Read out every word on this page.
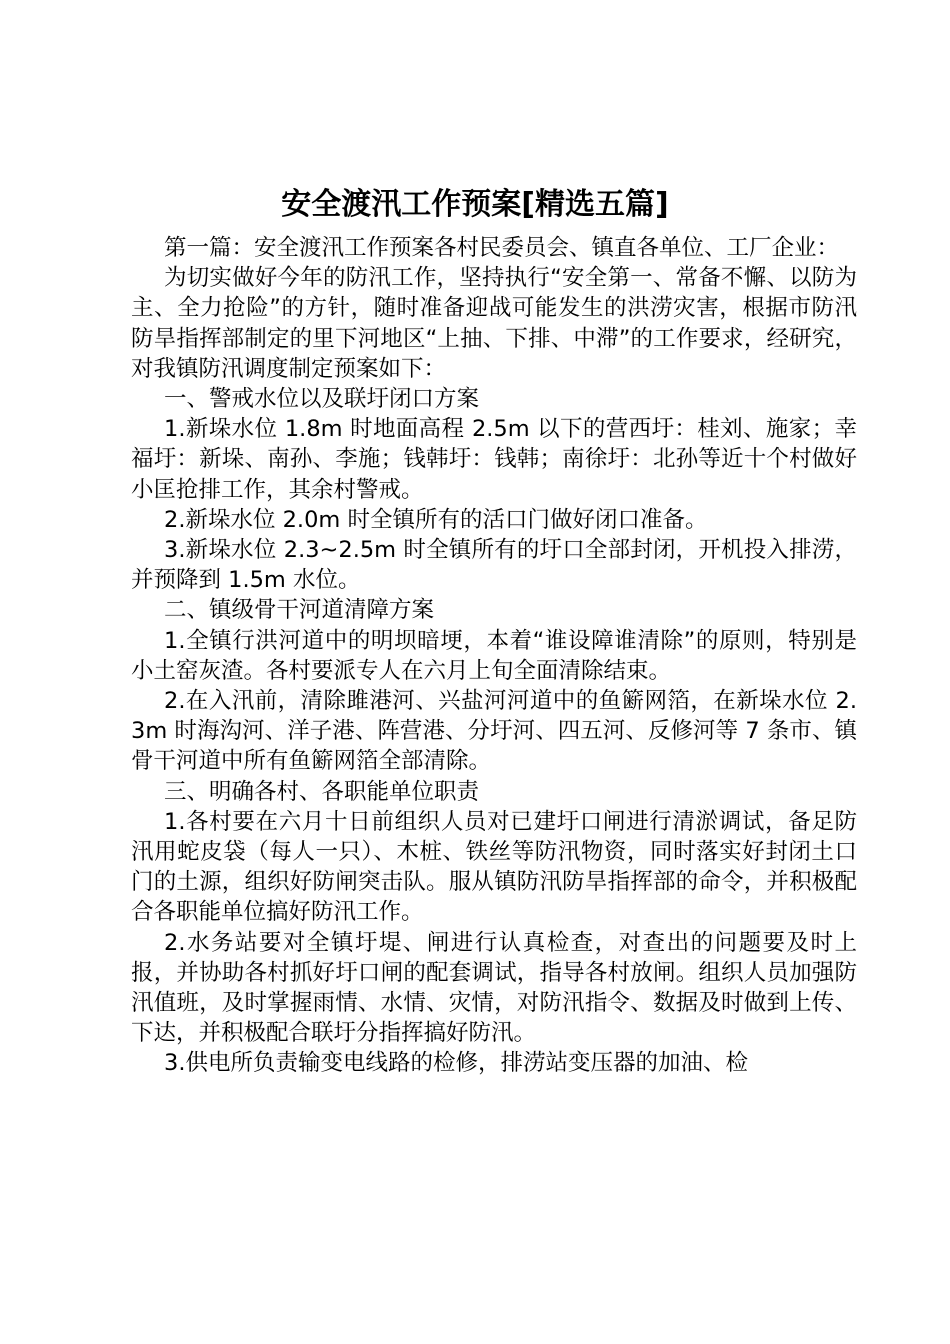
安全渡汛工作预案[精选五篇]

第一篇：安全渡汛工作预案各村民委员会、镇直各单位、工厂企业：

为切实做好今年的防汛工作，坚持执行“安全第一、常备不懈、以防为主、全力抢险”的方针，随时准备迎战可能发生的洪涝灾害，根据市防汛防旱指挥部制定的里下河地区“上抽、下排、中滞”的工作要求，经研究，对我镇防汛调度制定预案如下：

一、警戒水位以及联圩闭口方案

1.新垛水位 1.8m 时地面高程 2.5m 以下的营西圩：桂刘、施家；幸福圩：新垛、南孙、李施；钱韩圩：钱韩；南徐圩：北孙等近十个村做好小匡抢排工作，其余村警戒。

2.新垛水位 2.0m 时全镇所有的活口门做好闭口准备。

3.新垛水位 2.3~2.5m 时全镇所有的圩口全部封闭，开机投入排涝，并预降到 1.5m 水位。

二、镇级骨干河道清障方案

1.全镇行洪河道中的明坝暗埂，本着“谁设障谁清除”的原则，特别是小土窑灰渣。各村要派专人在六月上旬全面清除结束。

2.在入汛前，清除雎港河、兴盐河河道中的鱼簖网箔，在新垛水位 2.3m 时海沟河、洋子港、阵营港、分圩河、四五河、反修河等 7 条市、镇骨干河道中所有鱼簖网箔全部清除。

三、明确各村、各职能单位职责

1.各村要在六月十日前组织人员对已建圩口闸进行清淤调试，备足防汛用蛇皮袋（每人一只）、木桩、铁丝等防汛物资，同时落实好封闭土口门的土源，组织好防闸突击队。服从镇防汛防旱指挥部的命令，并积极配合各职能单位搞好防汛工作。

2.水务站要对全镇圩堤、闸进行认真检查，对查出的问题要及时上报，并协助各村抓好圩口闸的配套调试，指导各村放闸。组织人员加强防汛值班，及时掌握雨情、水情、灾情，对防汛指令、数据及时做到上传、下达，并积极配合联圩分指挥搞好防汛。

3.供电所负责输变电线路的检修，排涝站变压器的加油、检
